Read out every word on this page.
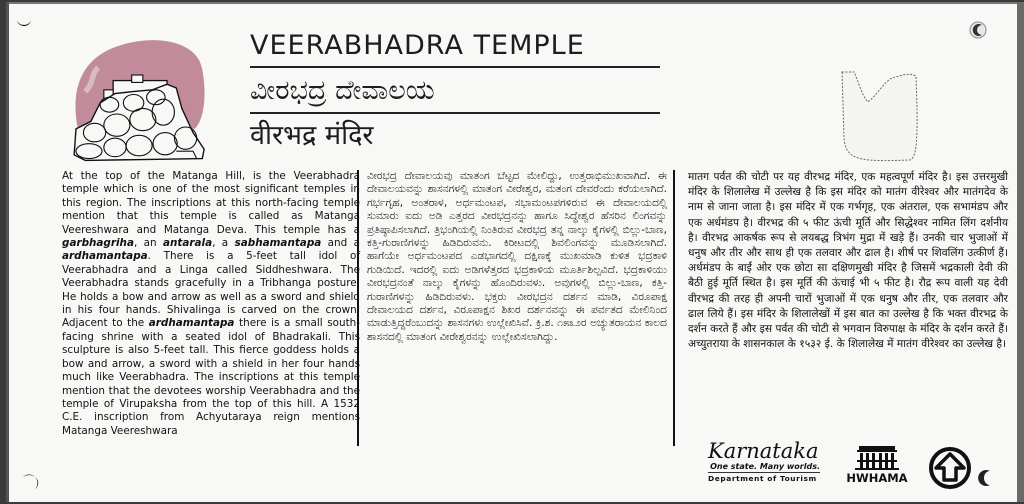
VEERABHADRA TEMPLE
ವೀರಭದ್ರ ದೇವಾಲಯ
वीरभद्र मंदिर
At the top of the Matanga Hill, is the Veerabhadra temple which is one of the most significant temples in this region. The inscriptions at this north-facing temple mention that this temple is called as Matanga Veereshwara and Matanga Deva. This temple has a garbhagriha, an antarala, a sabhamantapa and a ardhamantapa. There is a 5-feet tall idol of Veerabhadra and a Linga called Siddheshwara. The Veerabhadra stands gracefully in a Tribhanga posture. He holds a bow and arrow as well as a sword and shield in his four hands. Shivalinga is carved on the crown. Adjacent to the ardhamantapa there is a small south-facing shrine with a seated idol of Bhadrakali. This sculpture is also 5-feet tall. This fierce goddess holds a bow and arrow, a sword with a shield in her four hands much like Veerabhadra. The inscriptions at this temple mention that the devotees worship Veerabhadra and the temple of Virupaksha from the top of this hill. A 1532 C.E. inscription from Achyutaraya reign mentions Matanga Veereshwara
ವೀರಭದ್ರ ದೇವಾಲಯವು ಮಾತಂಗ ಬೆಟ್ಟದ ಮೇಲಿದ್ದು, ಉತ್ತರಾಭಿಮುಖವಾಗಿದೆ. ಈ ದೇವಾಲಯವನ್ನು ಶಾಸನಗಳಲ್ಲಿ ಮಾತಂಗ ವೀರೇಶ್ವರ, ಮತಂಗ ದೇವರೆಂದು ಕರೆಯಲಾಗಿದೆ. ಗರ್ಭಗೃಹ, ಅಂತರಾಳ, ಅರ್ಧಮಂಟಪ, ಸಭಾಮಂಟಪಗಳಿರುವ ಈ ದೇವಾಲಯದಲ್ಲಿ ಸುಮಾರು ಐದು ಅಡಿ ಎತ್ತರದ ವೀರಭದ್ರನನ್ನು ಹಾಗೂ ಸಿದ್ಧೇಶ್ವರ ಹೆಸರಿನ ಲಿಂಗವನ್ನು ಪ್ರತಿಷ್ಠಾಪಿಸಲಾಗಿದೆ. ತ್ರಿಭಂಗಿಯಲ್ಲಿ ನಿಂತಿರುವ ವೀರಭದ್ರ ತನ್ನ ನಾಲ್ಕು ಕೈಗಳಲ್ಲಿ ಬಿಲ್ಲು-ಬಾಣ, ಕತ್ತಿ-ಗುರಾಣಿಗಳನ್ನು ಹಿಡಿದಿರುವನು. ಕಿರೀಟದಲ್ಲಿ ಶಿವಲಿಂಗವನ್ನು ಮೂಡಿಸಲಾಗಿದೆ. ಹಾಗೆಯೇ ಅರ್ಧಮಂಟಪದ ಎಡಭಾಗದಲ್ಲಿ ದಕ್ಷಿಣಕ್ಕೆ ಮುಖಮಾಡಿ ಕುಳಿತ ಭದ್ರಕಾಳಿ ಗುಡಿಯಿದೆ. ಇದರಲ್ಲಿ ಐದು ಅಡಿಗಳೆತ್ತರದ ಭದ್ರಕಾಳಿಯ ಮೂರ್ತಿಶಿಲ್ಪವಿದೆ. ಭದ್ರಕಾಳಿಯು ವೀರಭದ್ರನಂತೆ ನಾಲ್ಕು ಕೈಗಳನ್ನು ಹೊಂದಿರುವಳು. ಅವುಗಳಲ್ಲಿ ಬಿಲ್ಲು-ಬಾಣ, ಕತ್ತಿ-ಗುರಾಣಿಗಳನ್ನು ಹಿಡಿದಿರುವಳು. ಭಕ್ತರು ವೀರಭದ್ರನ ದರ್ಶನ ಮಾಡಿ, ವಿರೂಪಾಕ್ಷ ದೇವಾಲಯದ ದರ್ಶನ, ವಿರೂಪಾಕ್ಷನ ಶಿಖರ ದರ್ಶನವನ್ನು ಈ ಪರ್ವತದ ಮೇಲಿನಿಂದ ಮಾಡುತ್ತಿದ್ದರೆಂಬುದನ್ನು ಶಾಸನಗಳು ಉಲ್ಲೇಖಿಸಿವೆ. ಕ್ರಿ.ಶ. ೧೫೩೨ರ ಅಚ್ಯುತರಾಯನ ಕಾಲದ ಶಾಸನದಲ್ಲಿ ಮಾತಂಗ ವೀರೇಶ್ವರನನ್ನು ಉಲ್ಲೇಖಿಸಲಾಗಿದ್ದು.
मातग पर्वत की चोटी पर यह वीरभद्र मंदिर, एक महत्वपूर्ण मंदिर है। इस उत्तरमुखी मंदिर के शिलालेख में उल्लेख है कि इस मंदिर को मातंग वीरेश्वर और मातंगदेव के नाम से जाना जाता है। इस मंदिर में एक गर्भगृह, एक अंतराल, एक सभामंडप और एक अर्धमंडप है। वीरभद्र की ५ फीट ऊंची मूर्ति और सिद्धेश्वर नामित लिंग दर्शनीय है। वीरभद्र आकर्षक रूप से लयबद्ध त्रिभंग मुद्रा में खड़े हैं। उनकी चार भुजाओं में धनुष और तीर और साथ ही एक तलवार और ढाल है। शीर्ष पर शिवलिंग उत्कीर्ण हैं। अर्धमंडप के बाईं ओर एक छोटा सा दक्षिणमुखी मंदिर है जिसमें भद्रकाली देवी की बैठी हुई मूर्ति स्थित है। इस मूर्ति की ऊंचाई भी ५ फीट है। रौद्र रूप वाली यह देवी वीरभद्र की तरह ही अपनी चारों भुजाओं में एक धनुष और तीर, एक तलवार और ढाल लिये हैं। इस मंदिर के शिलालेखों में इस बात का उल्लेख है कि भक्त वीरभद्र के दर्शन करते हैं और इस पर्वत की चोटी से भगवान विरुपाक्ष के मंदिर के दर्शन करते हैं। अच्युतराया के शासनकाल के १५३२ ई. के शिलालेख में मातंग वीरेश्वर का उल्लेख है।
Karnataka
One state. Many worlds.
Department of Tourism	HWHAMA
